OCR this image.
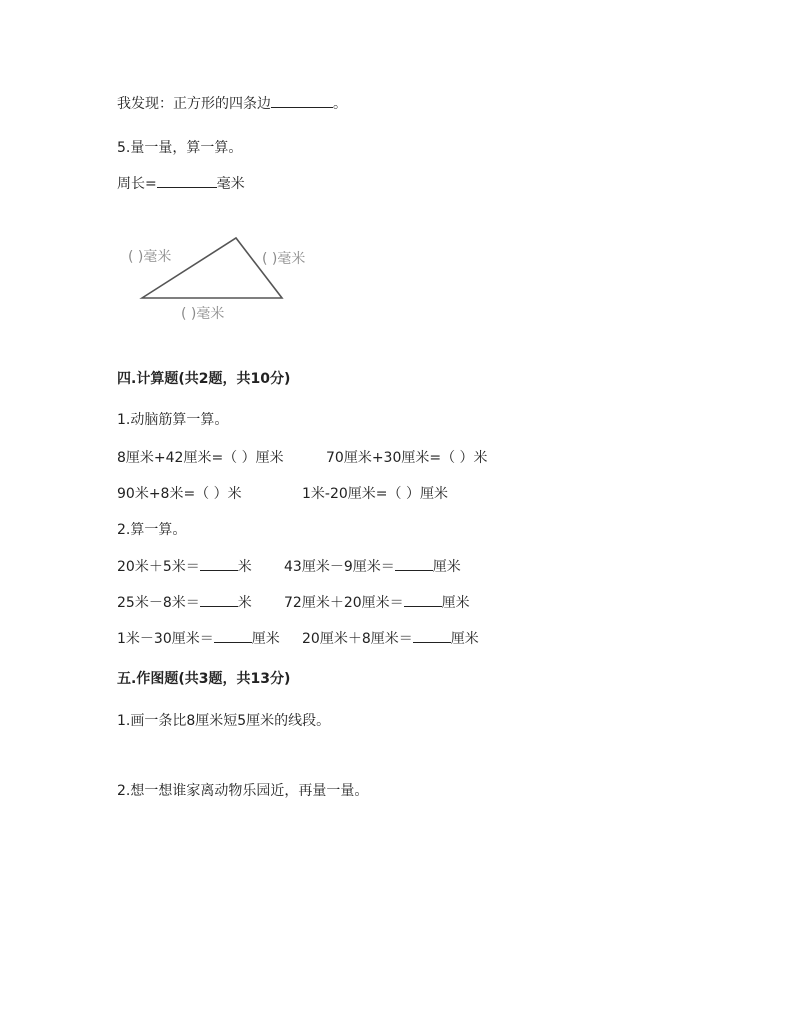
我发现：正方形的四条边	。
5.量一量，算一算。
周长=	毫米
( )毫米	( )毫米
( )毫米
四.计算题(共2题，共10分)
1.动脑筋算一算。
8厘米+42厘米=（ ）厘米	70厘米+30厘米=（ ）米
90米+8米=（ ）米	1米-20厘米=（ ）厘米
2.算一算。
20米＋5米＝	米 43厘米－9厘米＝	厘米
25米－8米＝	米 72厘米＋20厘米＝	厘米
1米－30厘米＝	厘米 20厘米＋8厘米＝	厘米
五.作图题(共3题，共13分)
1.画一条比8厘米短5厘米的线段。
2.想一想谁家离动物乐园近，再量一量。
